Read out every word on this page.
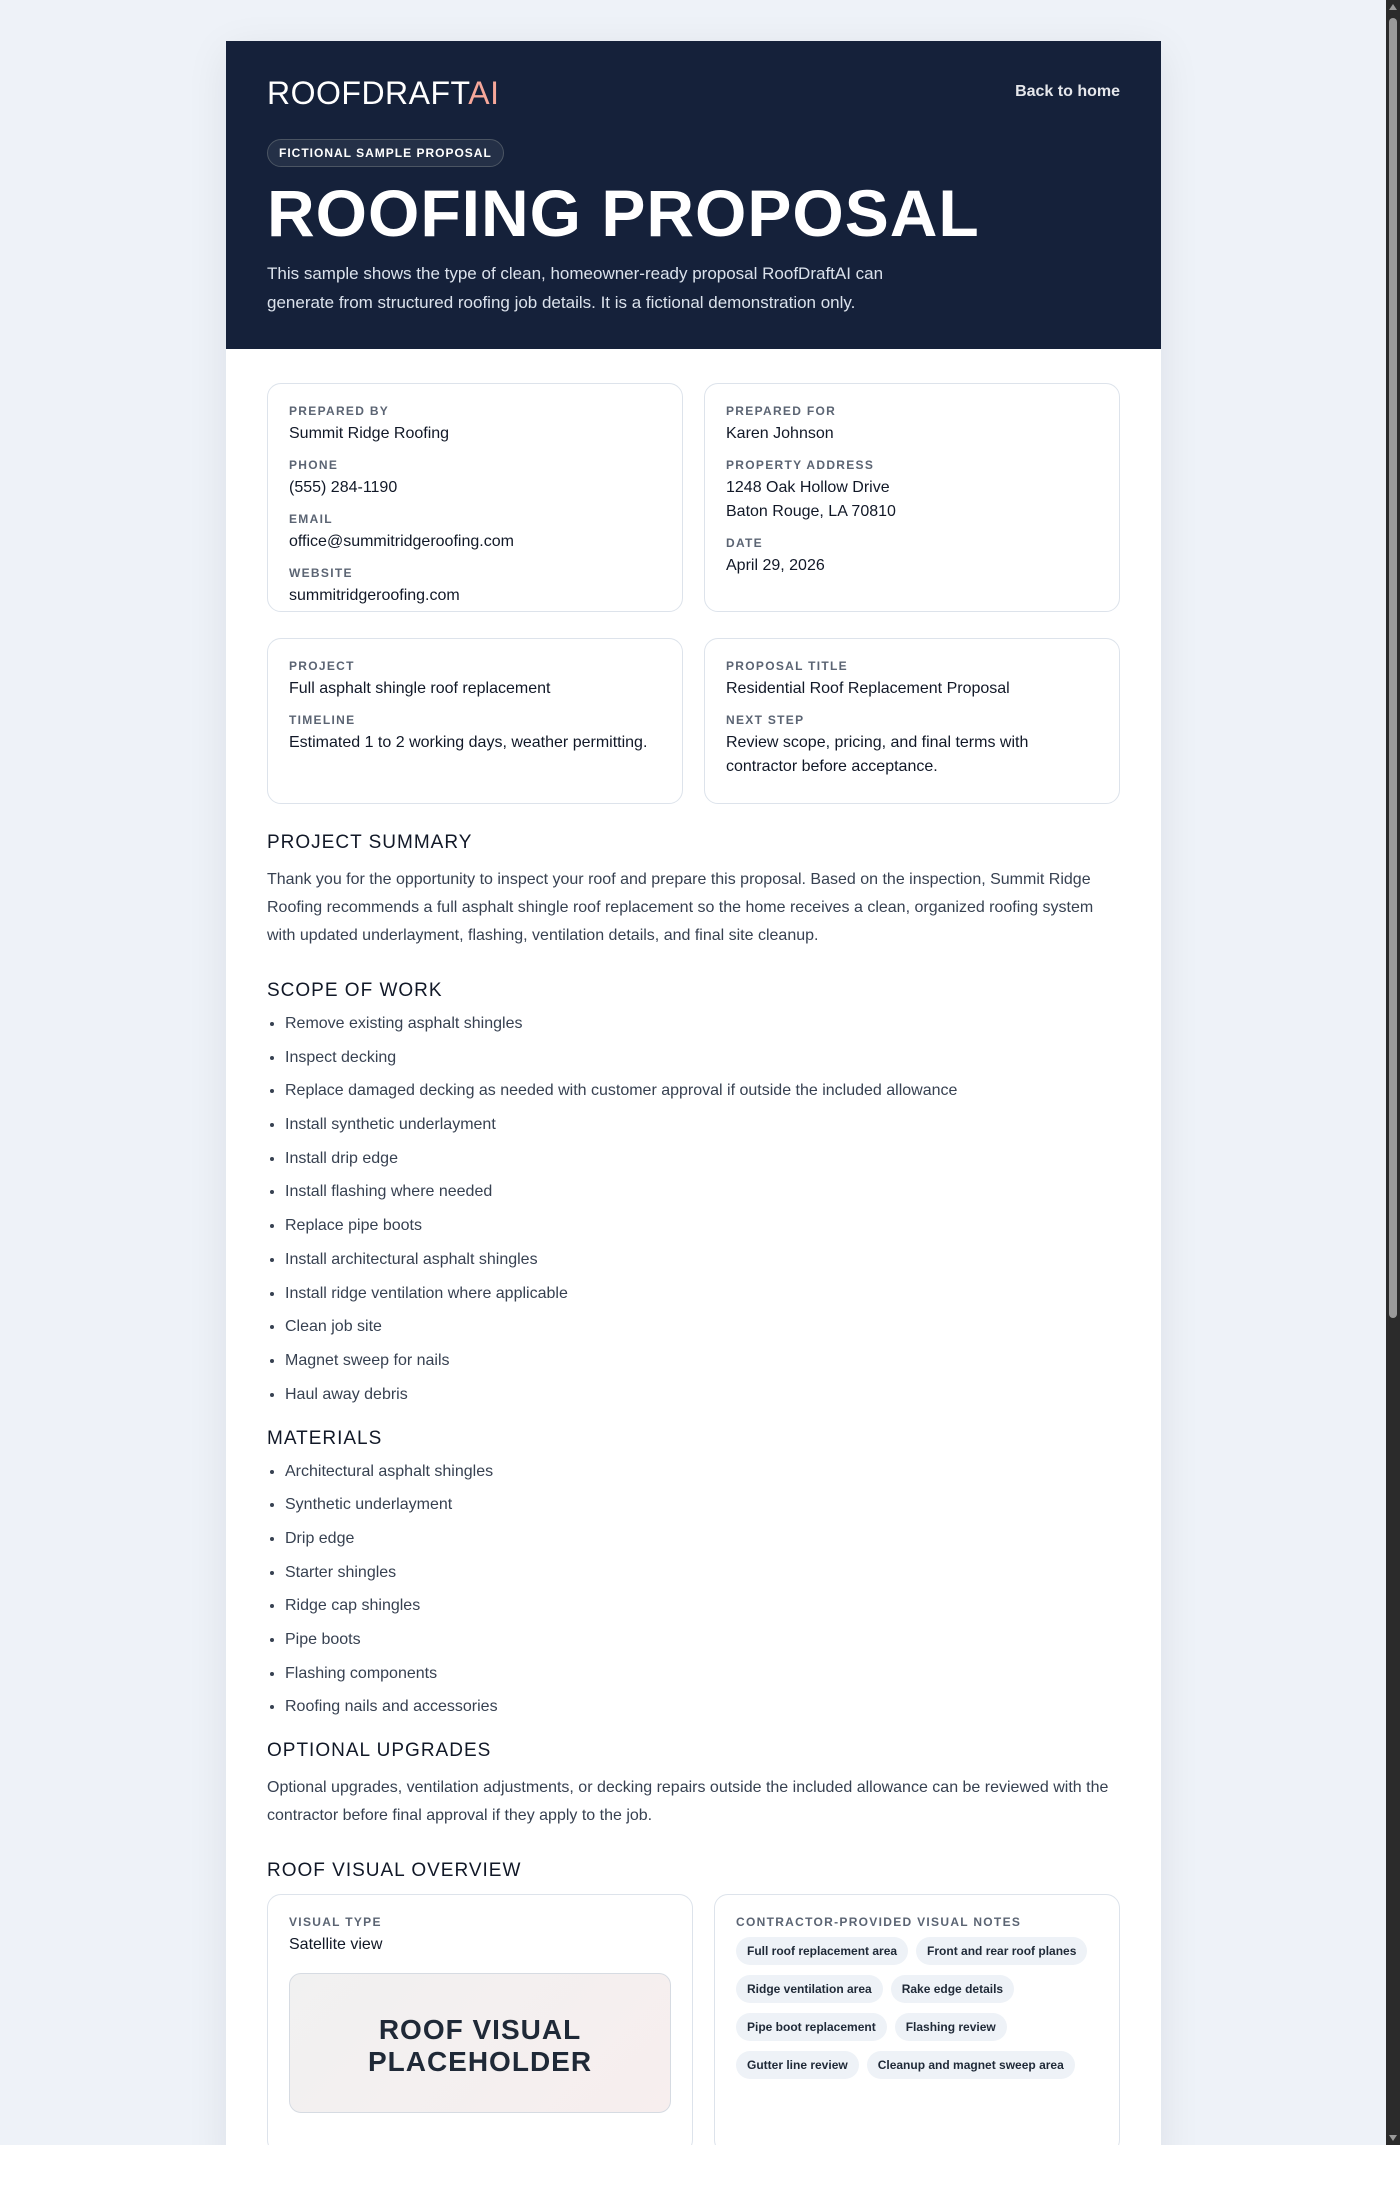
ROOFDRAFTAI	Back to home
FICTIONAL SAMPLE PROPOSAL
ROOFING PROPOSAL

This sample shows the type of clean, homeowner-ready proposal RoofDraftAI can generate from structured roofing job details. It is a fictional demonstration only.

PREPARED BY
Summit Ridge Roofing
PHONE
(555) 284-1190
EMAIL
office@summitridgeroofing.com
WEBSITE
summitridgeroofing.com
PREPARED FOR
Karen Johnson
PROPERTY ADDRESS
1248 Oak Hollow Drive
Baton Rouge, LA 70810
DATE
April 29, 2026
PROJECT
Full asphalt shingle roof replacement
TIMELINE
Estimated 1 to 2 working days, weather permitting.
PROPOSAL TITLE
Residential Roof Replacement Proposal
NEXT STEP
Review scope, pricing, and final terms with contractor before acceptance.
PROJECT SUMMARY

Thank you for the opportunity to inspect your roof and prepare this proposal. Based on the inspection, Summit Ridge Roofing recommends a full asphalt shingle roof replacement so the home receives a clean, organized roofing system with updated underlayment, flashing, ventilation details, and final site cleanup.

SCOPE OF WORK
• Remove existing asphalt shingles
• Inspect decking
• Replace damaged decking as needed with customer approval if outside the included allowance
• Install synthetic underlayment
• Install drip edge
• Install flashing where needed
• Replace pipe boots
• Install architectural asphalt shingles
• Install ridge ventilation where applicable
• Clean job site
• Magnet sweep for nails
• Haul away debris
MATERIALS
• Architectural asphalt shingles
• Synthetic underlayment
• Drip edge
• Starter shingles
• Ridge cap shingles
• Pipe boots
• Flashing components
• Roofing nails and accessories
OPTIONAL UPGRADES

Optional upgrades, ventilation adjustments, or decking repairs outside the included allowance can be reviewed with the contractor before final approval if they apply to the job.

ROOF VISUAL OVERVIEW
VISUAL TYPE
Satellite view
ROOF VISUAL
PLACEHOLDER
CONTRACTOR-PROVIDED VISUAL NOTES
Full roof replacement area	Front and rear roof planesRidge ventilation area	Rake edge detailsPipe boot replacement	Flashing reviewGutter line review	Cleanup and magnet sweep area
